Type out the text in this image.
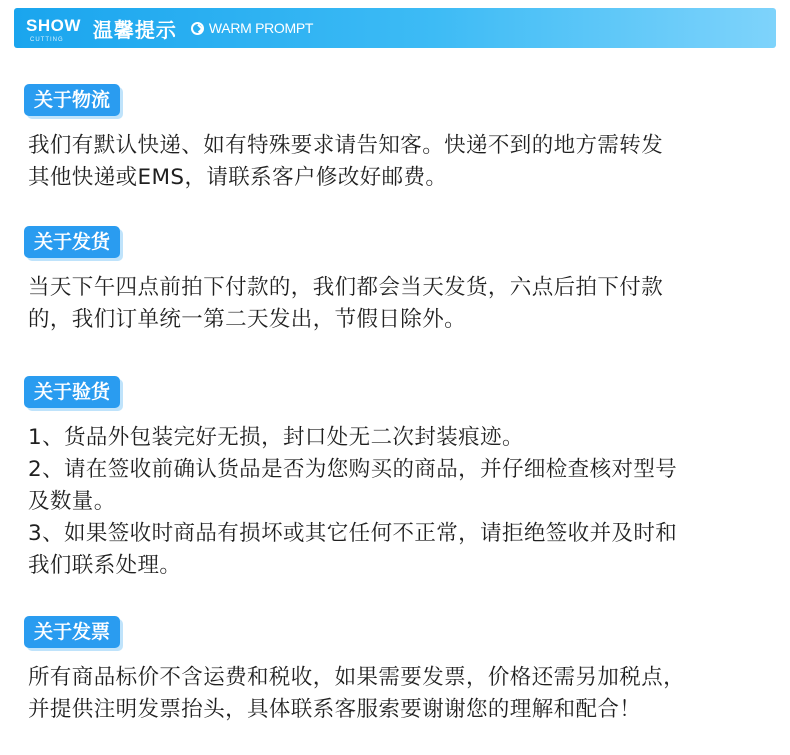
SHOW
CUTTING 温馨提示 WARM PROMPT
关于物流

我们有默认快递、如有特殊要求请告知客。快递不到的地方需转发
其他快递或EMS，请联系客户修改好邮费。

关于发货

当天下午四点前拍下付款的，我们都会当天发货，六点后拍下付款
的，我们订单统一第二天发出，节假日除外。

关于验货

1、货品外包装完好无损，封口处无二次封装痕迹。
2、请在签收前确认货品是否为您购买的商品，并仔细检查核对型号
及数量。
3、如果签收时商品有损坏或其它任何不正常，请拒绝签收并及时和
我们联系处理。

关于发票

所有商品标价不含运费和税收，如果需要发票，价格还需另加税点，
并提供注明发票抬头，具体联系客服索要谢谢您的理解和配合！
